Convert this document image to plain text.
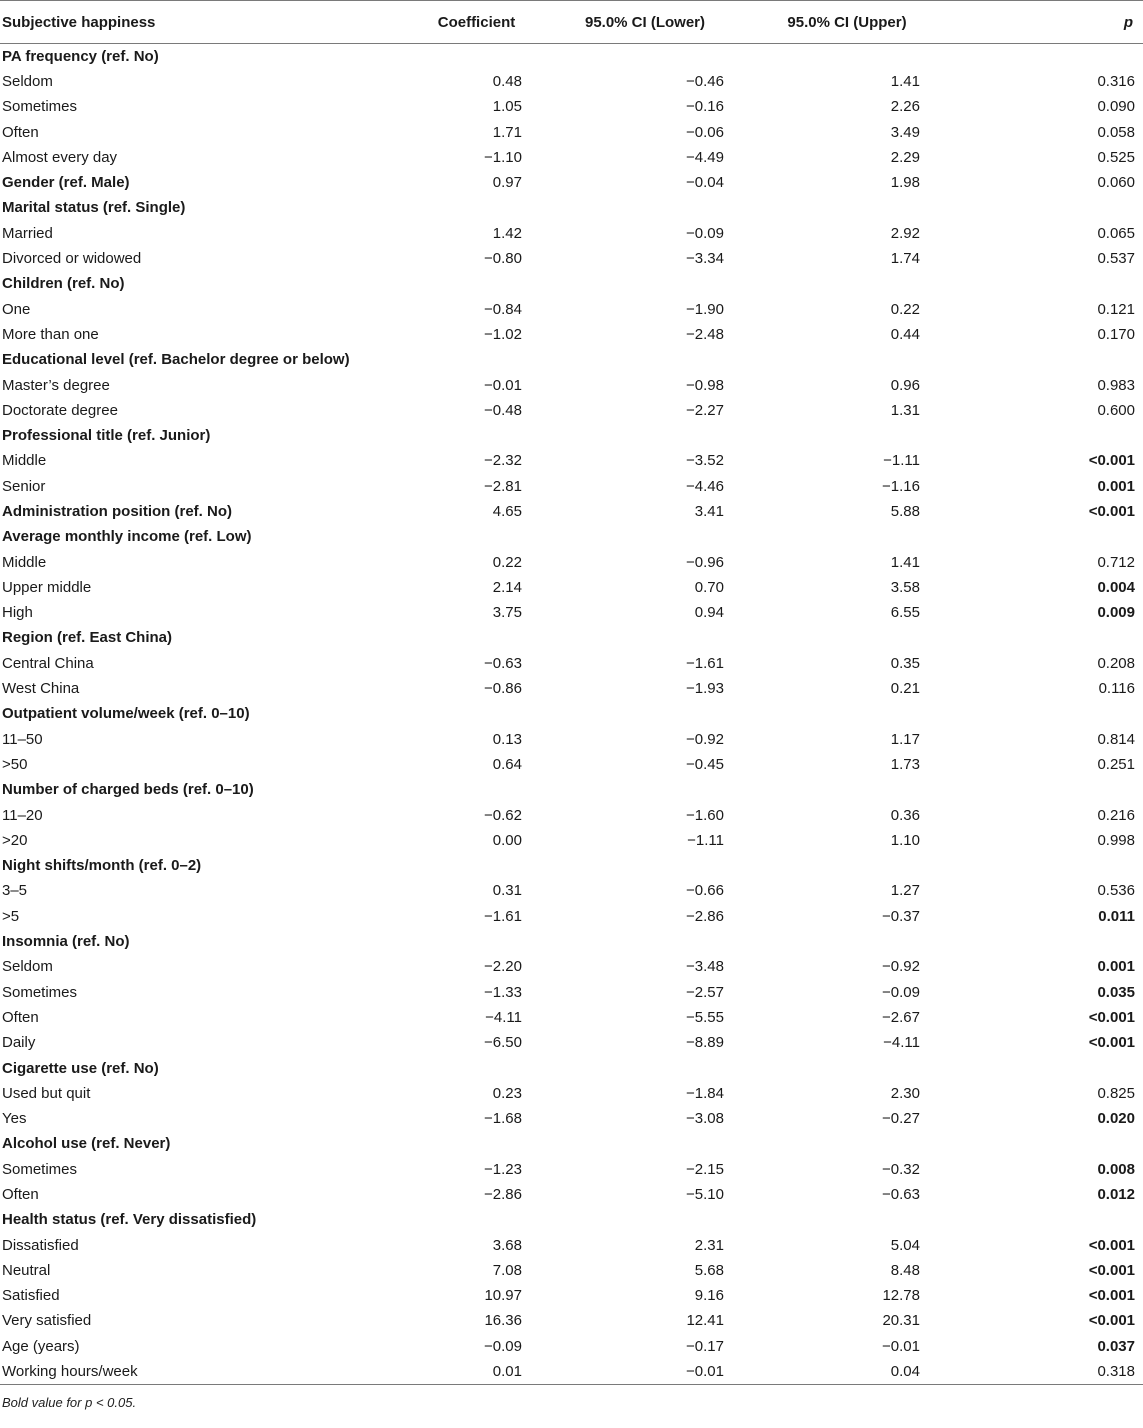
Subjective happiness	Coefficient	95.0% CI (Lower)	95.0% CI (Upper)	p
PA frequency (ref. No)				
Seldom	0.48	−0.46	1.41	0.316
Sometimes	1.05	−0.16	2.26	0.090
Often	1.71	−0.06	3.49	0.058
Almost every day	−1.10	−4.49	2.29	0.525
Gender (ref. Male)	0.97	−0.04	1.98	0.060
Marital status (ref. Single)				
Married	1.42	−0.09	2.92	0.065
Divorced or widowed	−0.80	−3.34	1.74	0.537
Children (ref. No)				
One	−0.84	−1.90	0.22	0.121
More than one	−1.02	−2.48	0.44	0.170
Educational level (ref. Bachelor degree or below)				
Master’s degree	−0.01	−0.98	0.96	0.983
Doctorate degree	−0.48	−2.27	1.31	0.600
Professional title (ref. Junior)				
Middle	−2.32	−3.52	−1.11	<0.001
Senior	−2.81	−4.46	−1.16	0.001
Administration position (ref. No)	4.65	3.41	5.88	<0.001
Average monthly income (ref. Low)				
Middle	0.22	−0.96	1.41	0.712
Upper middle	2.14	0.70	3.58	0.004
High	3.75	0.94	6.55	0.009
Region (ref. East China)				
Central China	−0.63	−1.61	0.35	0.208
West China	−0.86	−1.93	0.21	0.116
Outpatient volume/week (ref. 0–10)				
11–50	0.13	−0.92	1.17	0.814
>50	0.64	−0.45	1.73	0.251
Number of charged beds (ref. 0–10)				
11–20	−0.62	−1.60	0.36	0.216
>20	0.00	−1.11	1.10	0.998
Night shifts/month (ref. 0–2)				
3–5	0.31	−0.66	1.27	0.536
>5	−1.61	−2.86	−0.37	0.011
Insomnia (ref. No)				
Seldom	−2.20	−3.48	−0.92	0.001
Sometimes	−1.33	−2.57	−0.09	0.035
Often	−4.11	−5.55	−2.67	<0.001
Daily	−6.50	−8.89	−4.11	<0.001
Cigarette use (ref. No)				
Used but quit	0.23	−1.84	2.30	0.825
Yes	−1.68	−3.08	−0.27	0.020
Alcohol use (ref. Never)				
Sometimes	−1.23	−2.15	−0.32	0.008
Often	−2.86	−5.10	−0.63	0.012
Health status (ref. Very dissatisfied)				
Dissatisfied	3.68	2.31	5.04	<0.001
Neutral	7.08	5.68	8.48	<0.001
Satisfied	10.97	9.16	12.78	<0.001
Very satisfied	16.36	12.41	20.31	<0.001
Age (years)	−0.09	−0.17	−0.01	0.037
Working hours/week	0.01	−0.01	0.04	0.318
Bold value for p < 0.05.
